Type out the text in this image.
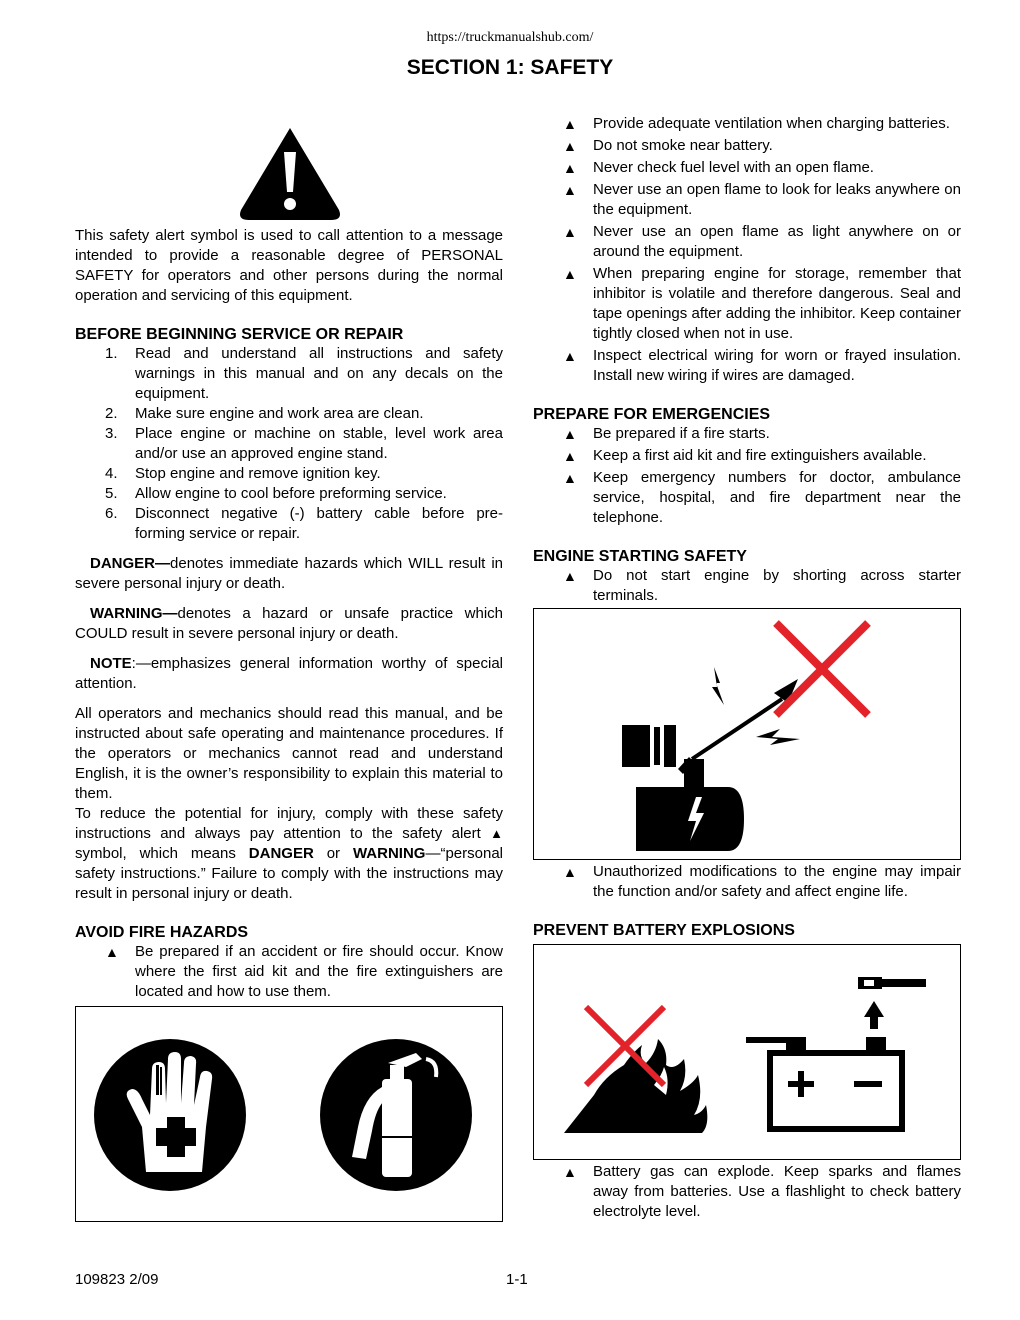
https://truckmanualshub.com/
SECTION 1: SAFETY

This safety alert symbol is used to call attention to a message intended to provide a reasonable degree of PERSONAL SAFETY for operators and other persons during the normal operation and servicing of this equipment.

BEFORE BEGINNING SERVICE OR REPAIR
1. Read and understand all instructions and safety warnings in this manual and on any decals on the equipment.
2. Make sure engine and work area are clean.
3. Place engine or machine on stable, level work area and/or use an approved engine stand.
4. Stop engine and remove ignition key.
5. Allow engine to cool before preforming service.
6. Disconnect negative (-) battery cable before pre-forming service or repair.

DANGER—denotes immediate hazards which WILL result in severe personal injury or death.

WARNING—denotes a hazard or unsafe practice which COULD result in severe personal injury or death.

NOTE:—emphasizes general information worthy of special attention.

All operators and mechanics should read this manual, and be instructed about safe operating and maintenance procedures. If the operators or mechanics cannot read and understand English, it is the owner’s responsibility to explain this material to them.

To reduce the potential for injury, comply with these safety instructions and always pay attention to the safety alert ▲ symbol, which means DANGER or WARNING—“personal safety instructions.” Failure to comply with the instructions may result in personal injury or death.

AVOID FIRE HAZARDS
▲ Be prepared if an accident or fire should occur. Know where the first aid kit and the fire extinguishers are located and how to use them.
▲ Provide adequate ventilation when charging batteries.
▲ Do not smoke near battery.
▲ Never check fuel level with an open flame.
▲ Never use an open flame to look for leaks anywhere on the equipment.
▲ Never use an open flame as light anywhere on or around the equipment.
▲ When preparing engine for storage, remember that inhibitor is volatile and therefore dangerous. Seal and tape openings after adding the inhibitor. Keep container tightly closed when not in use.
▲ Inspect electrical wiring for worn or frayed insulation. Install new wiring if wires are damaged.
PREPARE FOR EMERGENCIES
▲ Be prepared if a fire starts.
▲ Keep a first aid kit and fire extinguishers available.
▲ Keep emergency numbers for doctor, ambulance service, hospital, and fire department near the telephone.
ENGINE STARTING SAFETY
▲ Do not start engine by shorting across starter terminals.
▲ Unauthorized modifications to the engine may impair the function and/or safety and affect engine life.
PREVENT BATTERY EXPLOSIONS
▲ Battery gas can explode. Keep sparks and flames away from batteries. Use a flashlight to check battery electrolyte level.
109823 2/09	1-1
